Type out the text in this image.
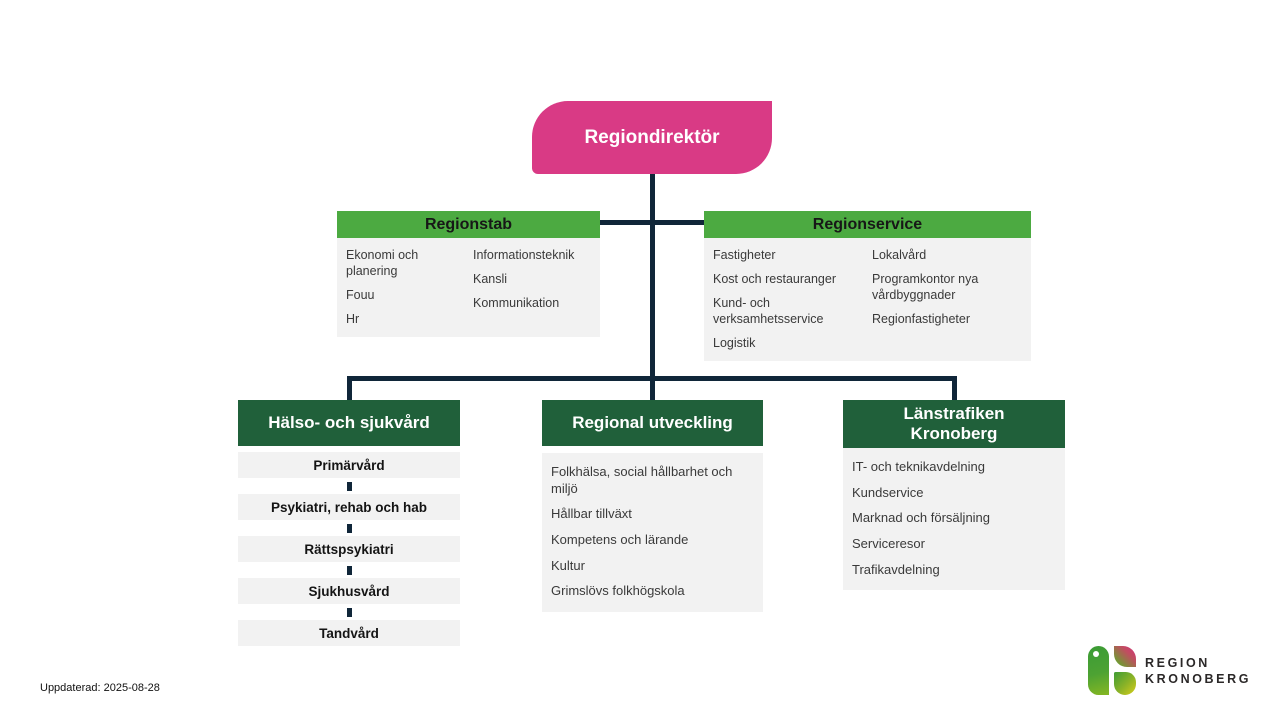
Regiondirektör
Regionstab
Ekonomi och planering
Fouu
Hr
Informationsteknik
Kansli
Kommunikation
Regionservice
Fastigheter
Kost och restauranger
Kund- och verksamhetsservice
Logistik
Lokalvård
Programkontor nya vårdbyggnader
Regionfastigheter
Hälso- och sjukvård
Primärvård
Psykiatri, rehab och hab
Rättspsykiatri
Sjukhusvård
Tandvård
Regional utveckling
Folkhälsa, social hållbarhet och miljö
Hållbar tillväxt
Kompetens och lärande
Kultur
Grimslövs folkhögskola
Länstrafiken Kronoberg
IT- och teknikavdelning
Kundservice
Marknad och försäljning
Serviceresor
Trafikavdelning
Uppdaterad: 2025-08-28
REGION
KRONOBERG
